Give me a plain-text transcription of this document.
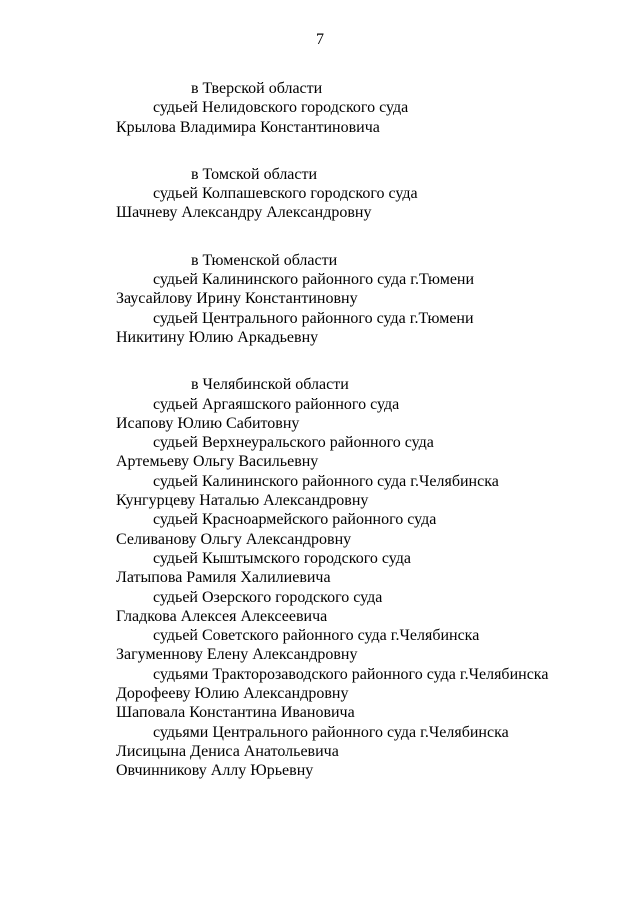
7
в Тверской области
судьей Нелидовского городского суда
Крылова Владимира Константиновича
в Томской области
судьей Колпашевского городского суда
Шачневу Александру Александровну
в Тюменской области
судьей Калининского районного суда г.Тюмени
Заусайлову Ирину Константиновну
судьей Центрального районного суда г.Тюмени
Никитину Юлию Аркадьевну
в Челябинской области
судьей Аргаяшского районного суда
Исапову Юлию Сабитовну
судьей Верхнеуральского районного суда
Артемьеву Ольгу Васильевну
судьей Калининского районного суда г.Челябинска
Кунгурцеву Наталью Александровну
судьей Красноармейского районного суда
Селиванову Ольгу Александровну
судьей Кыштымского городского суда
Латыпова Рамиля Халилиевича
судьей Озерского городского суда
Гладкова Алексея Алексеевича
судьей Советского районного суда г.Челябинска
Загуменнову Елену Александровну
судьями Тракторозаводского районного суда г.Челябинска
Дорофееву Юлию Александровну
Шаповала Константина Ивановича
судьями Центрального районного суда г.Челябинска
Лисицына Дениса Анатольевича
Овчинникову Аллу Юрьевну
